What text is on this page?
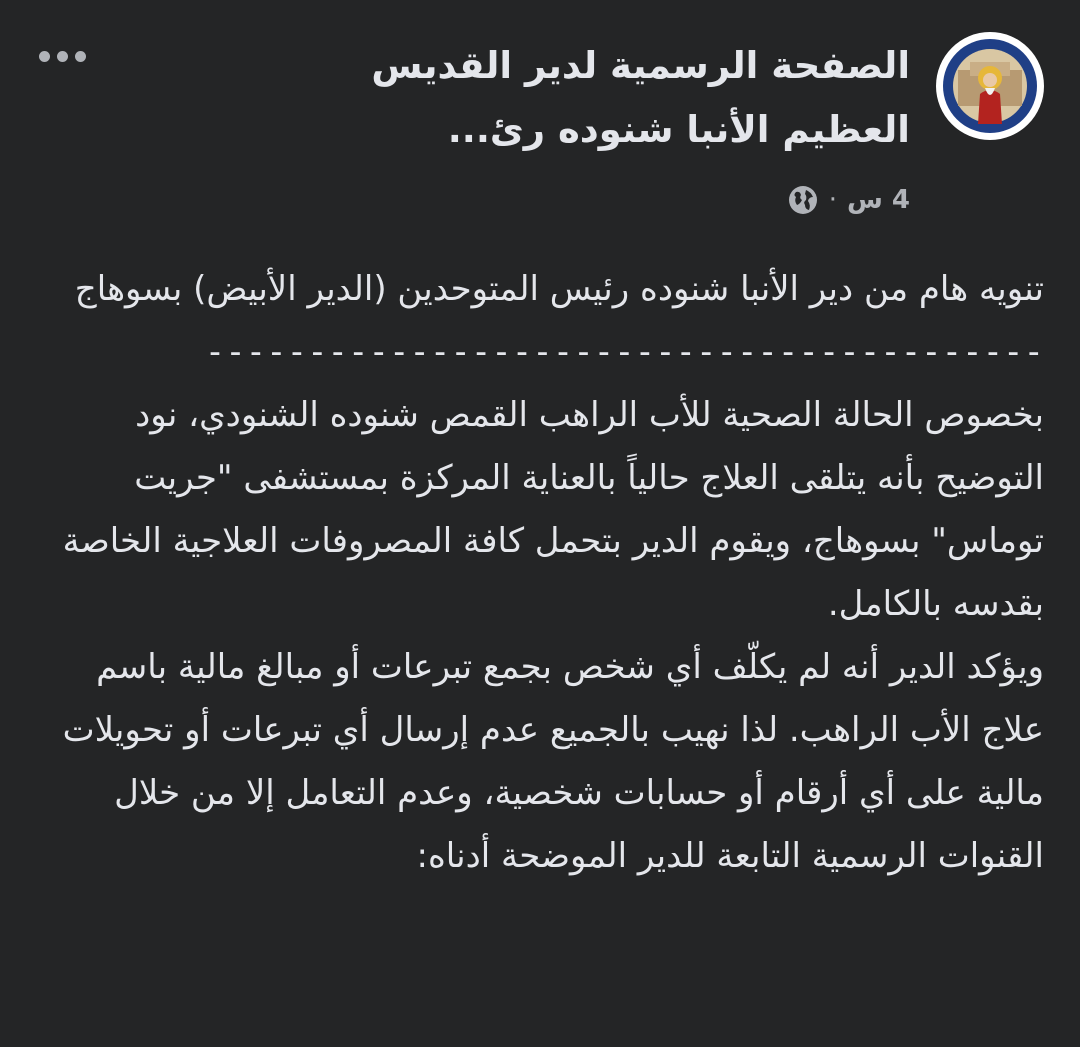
الصفحة الرسمية لدير القديس العظيم الأنبا شنوده رئ...
4 س
·

تنويه هام من دير الأنبا شنوده رئيس المتوحدين (الدير الأبيض) بسوهاج

-----------------------------------------

بخصوص الحالة الصحية للأب الراهب القمص شنوده الشنودي، نود التوضيح بأنه يتلقى العلاج حالياً بالعناية المركزة بمستشفى "جريت توماس" بسوهاج، ويقوم الدير بتحمل كافة المصروفات العلاجية الخاصة بقدسه بالكامل.

ويؤكد الدير أنه لم يكلّف أي شخص بجمع تبرعات أو مبالغ مالية باسم علاج الأب الراهب. لذا نهيب بالجميع عدم إرسال أي تبرعات أو تحويلات مالية على أي أرقام أو حسابات شخصية، وعدم التعامل إلا من خلال القنوات الرسمية التابعة للدير الموضحة أدناه:
